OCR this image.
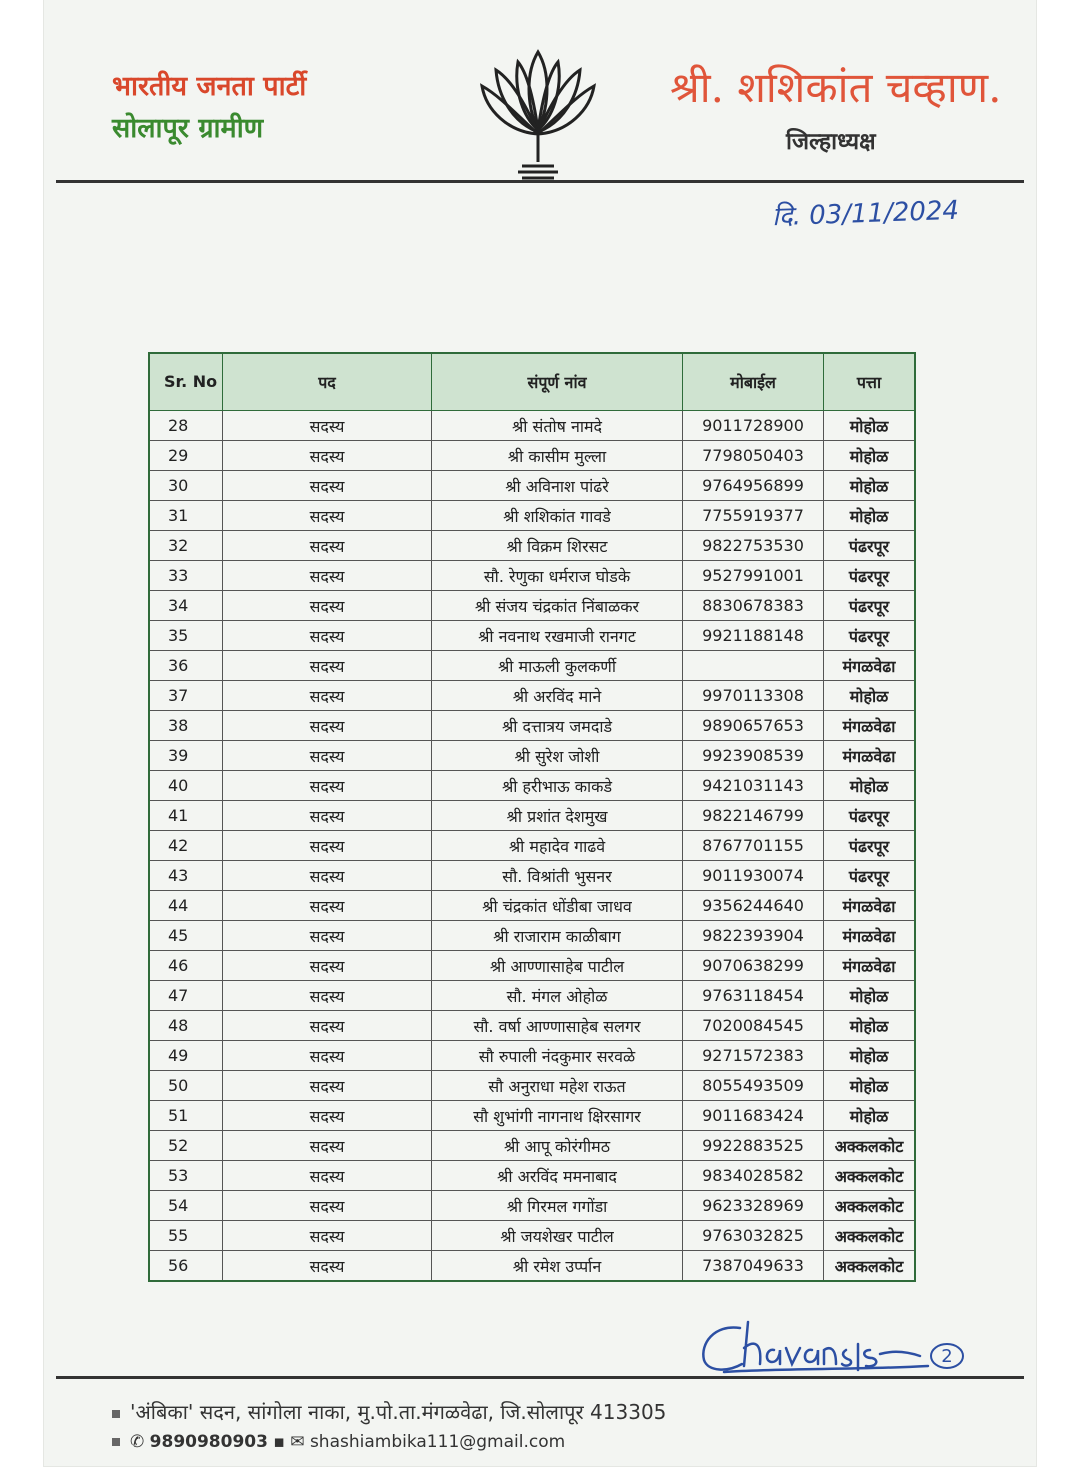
भारतीय जनता पार्टी
सोलापूर ग्रामीण
श्री. शशिकांत चव्हाण.
जिल्हाध्यक्ष
दि. 03/11/2024
Sr. No	पद	संपूर्ण नांव	मोबाईल	पत्ता
28	सदस्य	श्री संतोष नामदे	9011728900	मोहोळ
29	सदस्य	श्री कासीम मुल्ला	7798050403	मोहोळ
30	सदस्य	श्री अविनाश पांढरे	9764956899	मोहोळ
31	सदस्य	श्री शशिकांत गावडे	7755919377	मोहोळ
32	सदस्य	श्री विक्रम शिरसट	9822753530	पंढरपूर
33	सदस्य	सौ. रेणुका धर्मराज घोडके	9527991001	पंढरपूर
34	सदस्य	श्री संजय चंद्रकांत निंबाळकर	8830678383	पंढरपूर
35	सदस्य	श्री नवनाथ रखमाजी रानगट	9921188148	पंढरपूर
36	सदस्य	श्री माऊली कुलकर्णी		मंगळवेढा
37	सदस्य	श्री अरविंद माने	9970113308	मोहोळ
38	सदस्य	श्री दत्तात्रय जमदाडे	9890657653	मंगळवेढा
39	सदस्य	श्री सुरेश जोशी	9923908539	मंगळवेढा
40	सदस्य	श्री हरीभाऊ काकडे	9421031143	मोहोळ
41	सदस्य	श्री प्रशांत देशमुख	9822146799	पंढरपूर
42	सदस्य	श्री महादेव गाढवे	8767701155	पंढरपूर
43	सदस्य	सौ. विश्रांती भुसनर	9011930074	पंढरपूर
44	सदस्य	श्री चंद्रकांत धोंडीबा जाधव	9356244640	मंगळवेढा
45	सदस्य	श्री राजाराम काळीबाग	9822393904	मंगळवेढा
46	सदस्य	श्री आण्णासाहेब पाटील	9070638299	मंगळवेढा
47	सदस्य	सौ. मंगल ओहोळ	9763118454	मोहोळ
48	सदस्य	सौ. वर्षा आण्णासाहेब सलगर	7020084545	मोहोळ
49	सदस्य	सौ रुपाली नंदकुमार सरवळे	9271572383	मोहोळ
50	सदस्य	सौ अनुराधा महेश राऊत	8055493509	मोहोळ
51	सदस्य	सौ शुभांगी नागनाथ क्षिरसागर	9011683424	मोहोळ
52	सदस्य	श्री आपू कोरंगीमठ	9922883525	अक्कलकोट
53	सदस्य	श्री अरविंद ममनाबाद	9834028582	अक्कलकोट
54	सदस्य	श्री गिरमल गगोंडा	9623328969	अक्कलकोट
55	सदस्य	श्री जयशेखर पाटील	9763032825	अक्कलकोट
56	सदस्य	श्री रमेश उर्प्पान	7387049633	अक्कलकोट
2
'अंबिका' सदन, सांगोला नाका, मु.पो.ता.मंगळवेढा, जि.सोलापूर 413305
✆ 9890980903 ▪ ✉ shashiambika111@gmail.com
